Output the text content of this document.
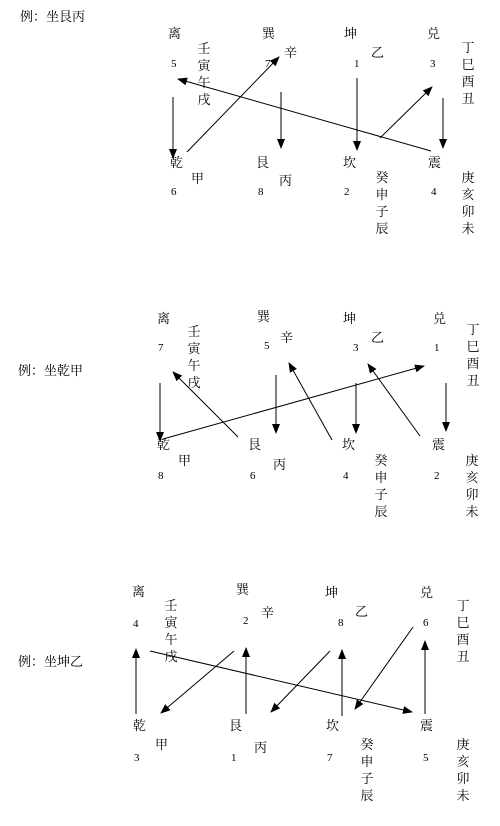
例：坐艮丙
离
5
壬
寅
午
戌
巽
7
辛
坤
1
乙
兑
3
丁
巳
酉
丑
乾
6
甲
艮
8
丙
坎
2
癸
申
子
辰
震
4
庚
亥
卯
未
例：坐乾甲
离
7
壬
寅
午
戌
巽
5 辛
坤
3
乙
兑
1
丁
巳
酉
丑
乾
8
甲
艮
6
丙
坎
4
癸
申
子
辰
震
2
庚
亥
卯
未
例：坐坤乙
离
4
壬
寅
午
戌
巽
2 辛
坤
8
乙
兑
6
丁
巳
酉
丑
乾
3
甲
艮
1
丙
坎
7
癸
申
子
辰
震
5
庚
亥
卯
未
